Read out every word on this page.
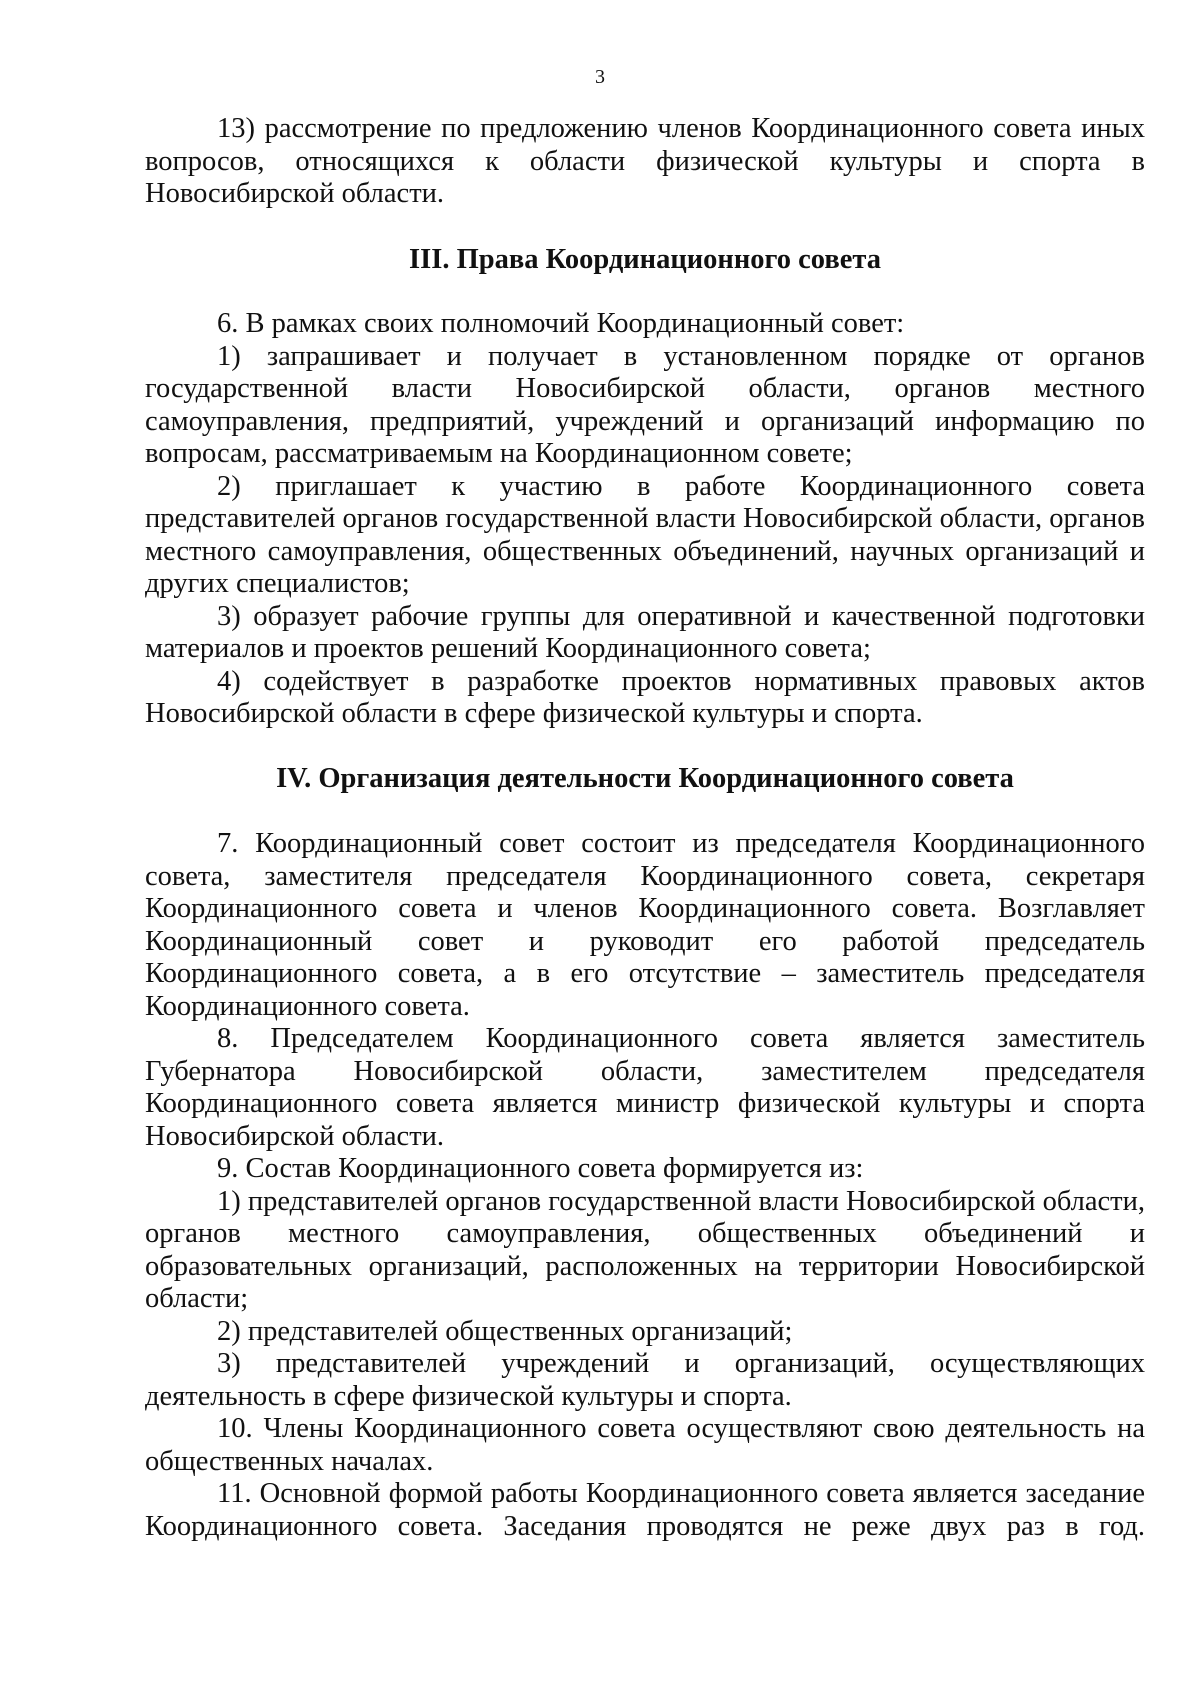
3

13) рассмотрение по предложению членов Координационного совета иных вопросов, относящихся к области физической культуры и спорта в Новосибирской области.

III. Права Координационного совета

6. В рамках своих полномочий Координационный совет:

1) запрашивает и получает в установленном порядке от органов государственной власти Новосибирской области, органов местного самоуправления, предприятий, учреждений и организаций информацию по вопросам, рассматриваемым на Координационном совете;

2) приглашает к участию в работе Координационного совета представителей органов государственной власти Новосибирской области, органов местного самоуправления, общественных объединений, научных организаций и других специалистов;

3) образует рабочие группы для оперативной и качественной подготовки материалов и проектов решений Координационного совета;

4) содействует в разработке проектов нормативных правовых актов Новосибирской области в сфере физической культуры и спорта.

IV. Организация деятельности Координационного совета

7. Координационный совет состоит из председателя Координационного совета, заместителя председателя Координационного совета, секретаря Координационного совета и членов Координационного совета. Возглавляет Координационный совет и руководит его работой председатель Координационного совета, а в его отсутствие – заместитель председателя Координационного совета.

8. Председателем Координационного совета является заместитель Губернатора Новосибирской области, заместителем председателя Координационного совета является министр физической культуры и спорта Новосибирской области.

9. Состав Координационного совета формируется из:

1) представителей органов государственной власти Новосибирской области, органов местного самоуправления, общественных объединений и образовательных организаций, расположенных на территории Новосибирской области;

2) представителей общественных организаций;

3) представителей учреждений и организаций, осуществляющих деятельность в сфере физической культуры и спорта.

10. Члены Координационного совета осуществляют свою деятельность на общественных началах.

11. Основной формой работы Координационного совета является заседание Координационного совета. Заседания проводятся не реже двух раз в год.
